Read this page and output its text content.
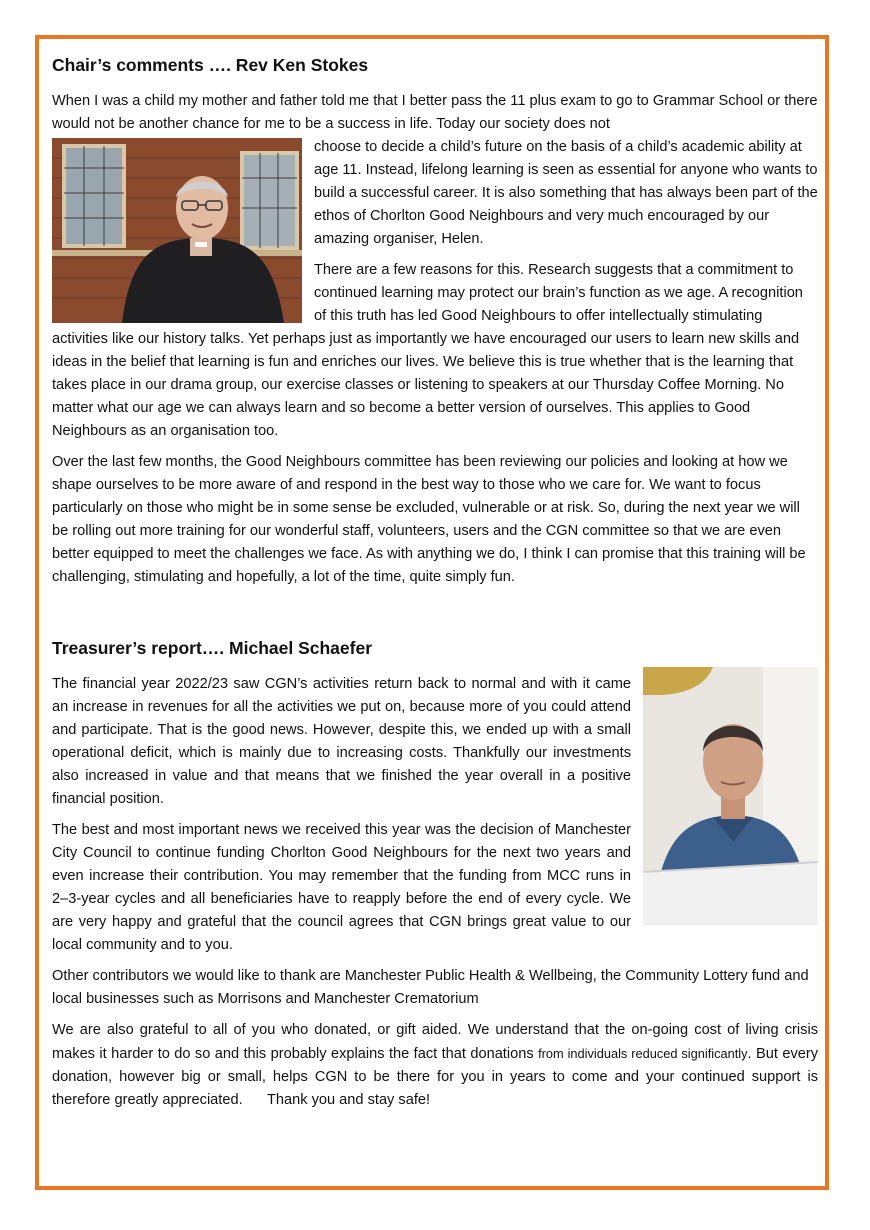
Chair’s comments …. Rev Ken Stokes

When I was a child my mother and father told me that I better pass the 11 plus exam to go to Grammar School or there would not be another chance for me to be a success in life. Today our society does not

choose to decide a child’s future on the basis of a child’s academic ability at age 11. Instead, lifelong learning is seen as essential for anyone who wants to build a successful career. It is also something that has always been part of the ethos of Chorlton Good Neighbours and very much encouraged by our amazing organiser, Helen.

There are a few reasons for this. Research suggests that a commitment to continued learning may protect our brain’s function as we age. A recognition of this truth has led Good Neighbours to offer intellectually stimulating activities like our history talks. Yet perhaps just as importantly we have encouraged our users to learn new skills and ideas in the belief that learning is fun and enriches our lives. We believe this is true whether that is the learning that takes place in our drama group, our exercise classes or listening to speakers at our Thursday Coffee Morning. No matter what our age we can always learn and so become a better version of ourselves. This applies to Good Neighbours as an organisation too.

Over the last few months, the Good Neighbours committee has been reviewing our policies and looking at how we shape ourselves to be more aware of and respond in the best way to those who we care for. We want to focus particularly on those who might be in some sense be excluded, vulnerable or at risk. So, during the next year we will be rolling out more training for our wonderful staff, volunteers, users and the CGN committee so that we are even better equipped to meet the challenges we face. As with anything we do, I think I can promise that this training will be challenging, stimulating and hopefully, a lot of the time, quite simply fun.

Treasurer’s report…. Michael Schaefer

The financial year 2022/23 saw CGN’s activities return back to normal and with it came an increase in revenues for all the activities we put on, because more of you could attend and participate. That is the good news. However, despite this, we ended up with a small operational deficit, which is mainly due to increasing costs. Thankfully our investments also increased in value and that means that we finished the year overall in a positive financial position.

The best and most important news we received this year was the decision of Manchester City Council to continue funding Chorlton Good Neighbours for the next two years and even increase their contribution. You may remember that the funding from MCC runs in 2–3-year cycles and all beneficiaries have to reapply before the end of every cycle. We are very happy and grateful that the council agrees that CGN brings great value to our local community and to you.

Other contributors we would like to thank are Manchester Public Health & Wellbeing, the Community Lottery fund and local businesses such as Morrisons and Manchester Crematorium

We are also grateful to all of you who donated, or gift aided. We understand that the on-going cost of living crisis makes it harder to do so and this probably explains the fact that donations from individuals reduced significantly. But every donation, however big or small, helps CGN to be there for you in years to come and your continued support is therefore greatly appreciated. Thank you and stay safe!
